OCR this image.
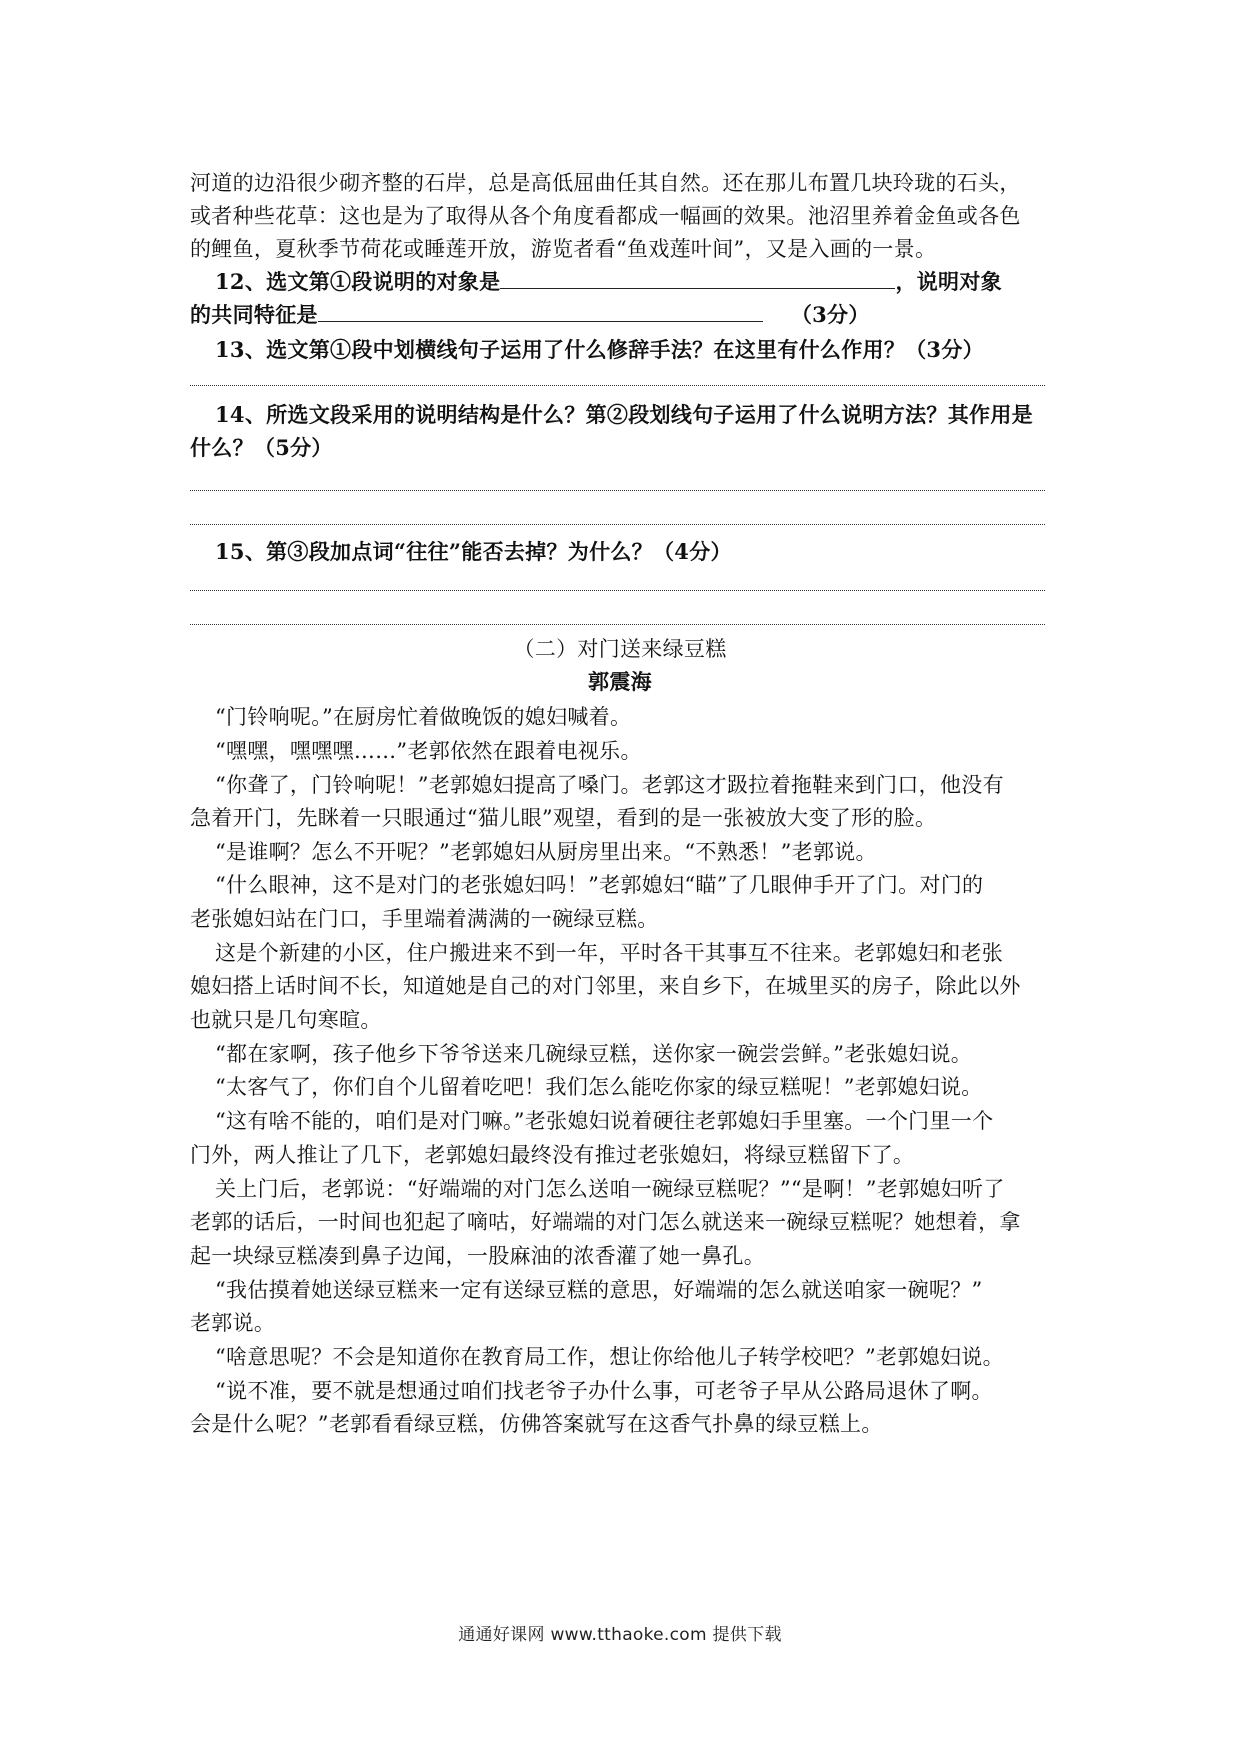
河道的边沿很少砌齐整的石岸，总是高低屈曲任其自然。还在那儿布置几块玲珑的石头，
或者种些花草：这也是为了取得从各个角度看都成一幅画的效果。池沼里养着金鱼或各色
的鲤鱼，夏秋季节荷花或睡莲开放，游览者看“鱼戏莲叶间”，又是入画的一景。
12、选文第①段说明的对象是	，说明对象
的共同特征是	（3分）
13、选文第①段中划横线句子运用了什么修辞手法？在这里有什么作用？（3分）
14、所选文段采用的说明结构是什么？第②段划线句子运用了什么说明方法？其作用是
什么？（5分）
15、第③段加点词“往往”能否去掉？为什么？（4分）
（二）对门送来绿豆糕
郭震海
“门铃响呢。”在厨房忙着做晚饭的媳妇喊着。
“嘿嘿，嘿嘿嘿……”老郭依然在跟着电视乐。
“你聋了，门铃响呢！”老郭媳妇提高了嗓门。老郭这才趿拉着拖鞋来到门口，他没有
急着开门，先眯着一只眼通过“猫儿眼”观望，看到的是一张被放大变了形的脸。
“是谁啊？怎么不开呢？”老郭媳妇从厨房里出来。“不熟悉！”老郭说。
“什么眼神，这不是对门的老张媳妇吗！”老郭媳妇“瞄”了几眼伸手开了门。对门的
老张媳妇站在门口，手里端着满满的一碗绿豆糕。
这是个新建的小区，住户搬进来不到一年，平时各干其事互不往来。老郭媳妇和老张
媳妇搭上话时间不长，知道她是自己的对门邻里，来自乡下，在城里买的房子，除此以外
也就只是几句寒暄。
“都在家啊，孩子他乡下爷爷送来几碗绿豆糕，送你家一碗尝尝鲜。”老张媳妇说。
“太客气了，你们自个儿留着吃吧！我们怎么能吃你家的绿豆糕呢！”老郭媳妇说。
“这有啥不能的，咱们是对门嘛。”老张媳妇说着硬往老郭媳妇手里塞。一个门里一个
门外，两人推让了几下，老郭媳妇最终没有推过老张媳妇，将绿豆糕留下了。
关上门后，老郭说：“好端端的对门怎么送咱一碗绿豆糕呢？”“是啊！”老郭媳妇听了
老郭的话后，一时间也犯起了嘀咕，好端端的对门怎么就送来一碗绿豆糕呢？她想着，拿
起一块绿豆糕凑到鼻子边闻，一股麻油的浓香灌了她一鼻孔。
“我估摸着她送绿豆糕来一定有送绿豆糕的意思，好端端的怎么就送咱家一碗呢？”
老郭说。
“啥意思呢？不会是知道你在教育局工作，想让你给他儿子转学校吧？”老郭媳妇说。
“说不准，要不就是想通过咱们找老爷子办什么事，可老爷子早从公路局退休了啊。
会是什么呢？”老郭看看绿豆糕，仿佛答案就写在这香气扑鼻的绿豆糕上。
通通好课网 www.tthaoke.com 提供下载
